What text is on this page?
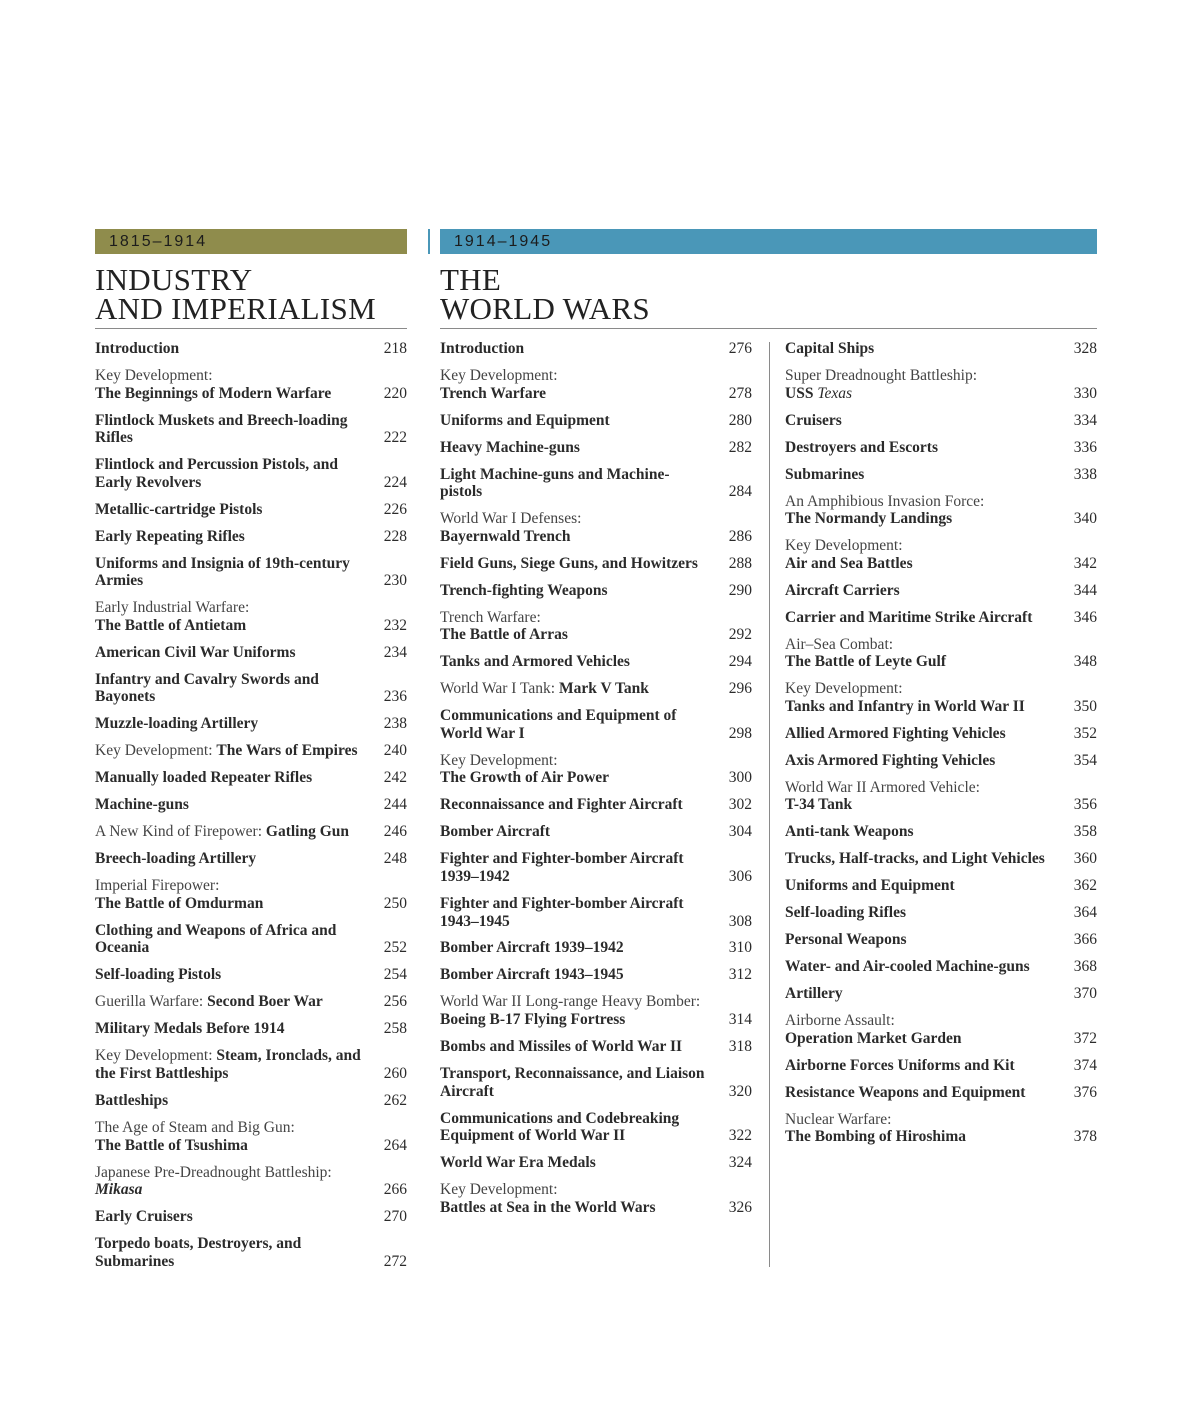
1815–1914
INDUSTRY
AND IMPERIALISM
1914–1945
THE
WORLD WARS
Introduction	218
Key Development:
The Beginnings of Modern Warfare	220
Flintlock Muskets and Breech-loading Rifles	222
Flintlock and Percussion Pistols, and Early Revolvers	224
Metallic-cartridge Pistols	226
Early Repeating Rifles	228
Uniforms and Insignia of 19th-century Armies	230
Early Industrial Warfare:
The Battle of Antietam	232
American Civil War Uniforms	234
Infantry and Cavalry Swords and Bayonets	236
Muzzle-loading Artillery	238
Key Development: The Wars of Empires	240
Manually loaded Repeater Rifles	242
Machine-guns	244
A New Kind of Firepower: Gatling Gun	246
Breech-loading Artillery	248
Imperial Firepower:
The Battle of Omdurman	250
Clothing and Weapons of Africa and Oceania	252
Self-loading Pistols	254
Guerilla Warfare: Second Boer War	256
Military Medals Before 1914	258
Key Development: Steam, Ironclads, and the First Battleships	260
Battleships	262
The Age of Steam and Big Gun:
The Battle of Tsushima	264
Japanese Pre-Dreadnought Battleship:
Mikasa	266
Early Cruisers	270
Torpedo boats, Destroyers, and Submarines	272
Introduction	276
Key Development:
Trench Warfare	278
Uniforms and Equipment	280
Heavy Machine-guns	282
Light Machine-guns and Machine-pistols	284
World War I Defenses:
Bayernwald Trench	286
Field Guns, Siege Guns, and Howitzers	288
Trench-fighting Weapons	290
Trench Warfare:
The Battle of Arras	292
Tanks and Armored Vehicles	294
World War I Tank: Mark V Tank	296
Communications and Equipment of World War I	298
Key Development:
The Growth of Air Power	300
Reconnaissance and Fighter Aircraft	302
Bomber Aircraft	304
Fighter and Fighter-bomber Aircraft 1939–1942	306
Fighter and Fighter-bomber Aircraft 1943–1945	308
Bomber Aircraft 1939–1942	310
Bomber Aircraft 1943–1945	312
World War II Long-range Heavy Bomber:
Boeing B-17 Flying Fortress	314
Bombs and Missiles of World War II	318
Transport, Reconnaissance, and Liaison Aircraft	320
Communications and Codebreaking Equipment of World War II	322
World War Era Medals	324
Key Development:
Battles at Sea in the World Wars	326
Capital Ships	328
Super Dreadnought Battleship:
USS Texas	330
Cruisers	334
Destroyers and Escorts	336
Submarines	338
An Amphibious Invasion Force:
The Normandy Landings	340
Key Development:
Air and Sea Battles	342
Aircraft Carriers	344
Carrier and Maritime Strike Aircraft	346
Air–Sea Combat:
The Battle of Leyte Gulf	348
Key Development:
Tanks and Infantry in World War II	350
Allied Armored Fighting Vehicles	352
Axis Armored Fighting Vehicles	354
World War II Armored Vehicle:
T-34 Tank	356
Anti-tank Weapons	358
Trucks, Half-tracks, and Light Vehicles	360
Uniforms and Equipment	362
Self-loading Rifles	364
Personal Weapons	366
Water- and Air-cooled Machine-guns	368
Artillery	370
Airborne Assault:
Operation Market Garden	372
Airborne Forces Uniforms and Kit	374
Resistance Weapons and Equipment	376
Nuclear Warfare:
The Bombing of Hiroshima	378
